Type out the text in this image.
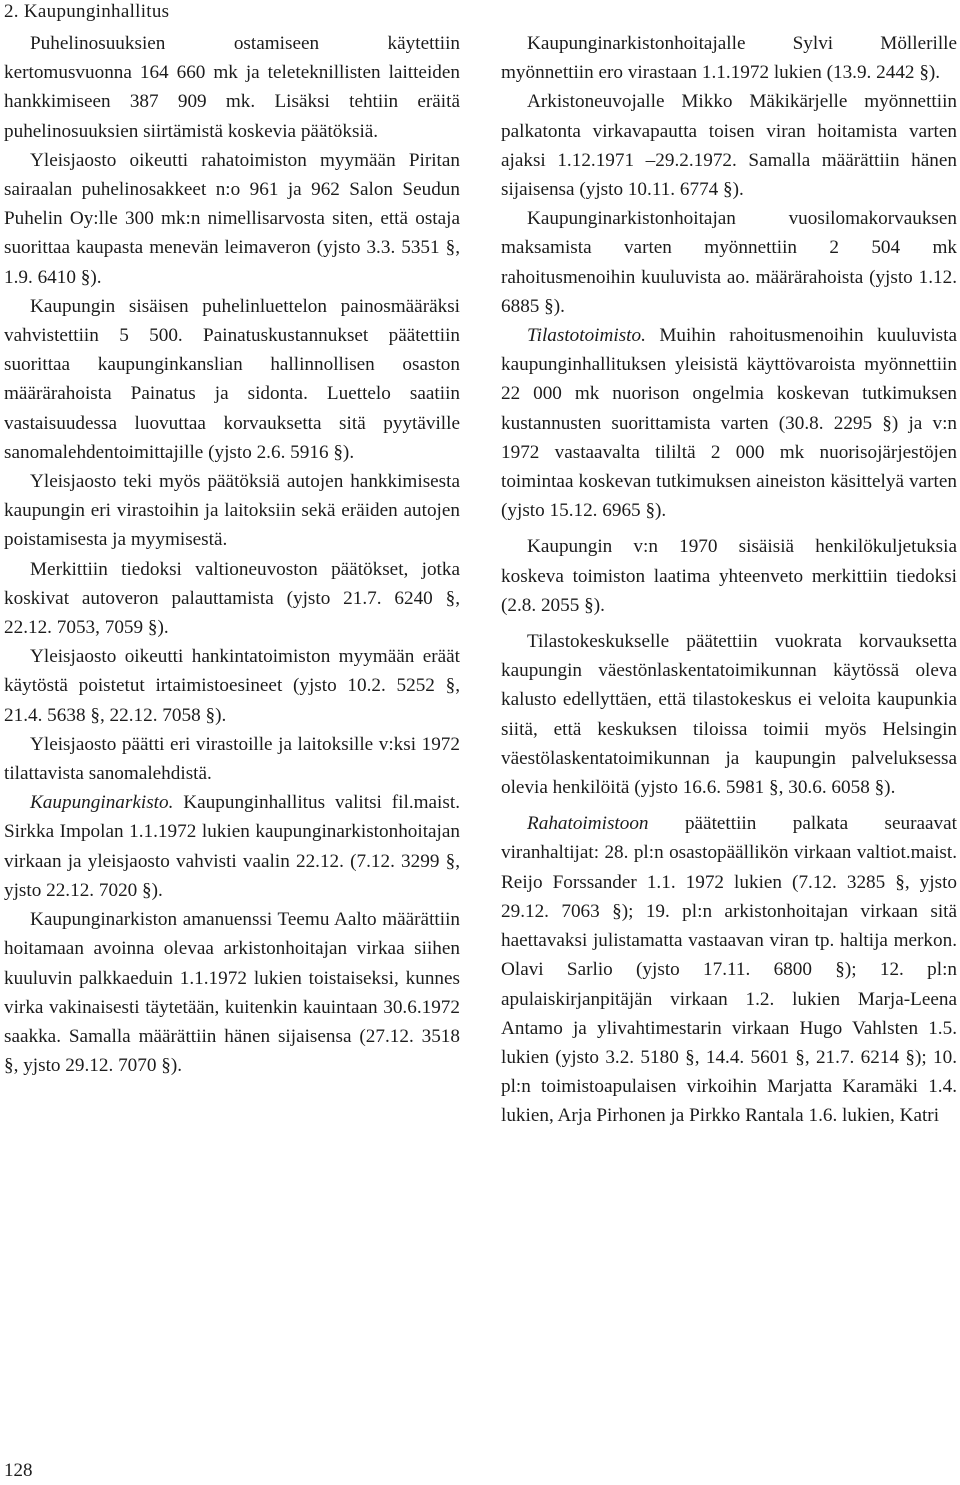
2. Kaupunginhallitus

Puhelinosuuksien ostamiseen käytettiin kertomusvuonna 164 660 mk ja teleteknillisten laitteiden hankkimiseen 387 909 mk. Lisäksi tehtiin eräitä puhelinosuuksien siirtämistä koskevia päätöksiä.

Yleisjaosto oikeutti rahatoimiston myymään Piritan sairaalan puhelinosakkeet n:o 961 ja 962 Salon Seudun Puhelin Oy:lle 300 mk:n nimellisarvosta siten, että ostaja suorittaa kaupasta menevän leimaveron (yjsto 3.3. 5351 §, 1.9. 6410 §).

Kaupungin sisäisen puhelinluettelon painosmääräksi vahvistettiin 5 500. Painatuskustannukset päätettiin suorittaa kaupunginkanslian hallinnollisen osaston määrärahoista Painatus ja sidonta. Luettelo saatiin vastaisuudessa luovuttaa korvauksetta sitä pyytäville sanomalehdentoimittajille (yjsto 2.6. 5916 §).

Yleisjaosto teki myös päätöksiä autojen hankkimisesta kaupungin eri virastoihin ja laitoksiin sekä eräiden autojen poistamisesta ja myymisestä.

Merkittiin tiedoksi valtioneuvoston päätökset, jotka koskivat autoveron palauttamista (yjsto 21.7. 6240 §, 22.12. 7053, 7059 §).

Yleisjaosto oikeutti hankintatoimiston myymään eräät käytöstä poistetut irtaimistoesineet (yjsto 10.2. 5252 §, 21.4. 5638 §, 22.12. 7058 §).

Yleisjaosto päätti eri virastoille ja laitoksille v:ksi 1972 tilattavista sanomalehdistä.

Kaupunginarkisto. Kaupunginhallitus valitsi fil.maist. Sirkka Impolan 1.1.1972 lukien kaupunginarkistonhoitajan virkaan ja yleisjaosto vahvisti vaalin 22.12. (7.12. 3299 §, yjsto 22.12. 7020 §).

Kaupunginarkiston amanuenssi Teemu Aalto määrättiin hoitamaan avoinna olevaa arkistonhoitajan virkaa siihen kuuluvin palkkaeduin 1.1.1972 lukien toistaiseksi, kunnes virka vakinaisesti täytetään, kuitenkin kauintaan 30.6.1972 saakka. Samalla määrättiin hänen sijaisensa (27.12. 3518 §, yjsto 29.12. 7070 §).

Kaupunginarkistonhoitajalle Sylvi Möllerille myönnettiin ero virastaan 1.1.1972 lukien (13.9. 2442 §).

Arkistoneuvojalle Mikko Mäkikärjelle myönnettiin palkatonta virkavapautta toisen viran hoitamista varten ajaksi 1.12.1971 –29.2.1972. Samalla määrättiin hänen sijaisensa (yjsto 10.11. 6774 §).

Kaupunginarkistonhoitajan vuosilomakorvauksen maksamista varten myönnettiin 2 504 mk rahoitusmenoihin kuuluvista ao. määrärahoista (yjsto 1.12. 6885 §).

Tilastotoimisto. Muihin rahoitusmenoihin kuuluvista kaupunginhallituksen yleisistä käyttövaroista myönnettiin 22 000 mk nuorison ongelmia koskevan tutkimuksen kustannusten suorittamista varten (30.8. 2295 §) ja v:n 1972 vastaavalta tililtä 2 000 mk nuorisojärjestöjen toimintaa koskevan tutkimuksen aineiston käsittelyä varten (yjsto 15.12. 6965 §).

Kaupungin v:n 1970 sisäisiä henkilökuljetuksia koskeva toimiston laatima yhteenveto merkittiin tiedoksi (2.8. 2055 §).

Tilastokeskukselle päätettiin vuokrata korvauksetta kaupungin väestönlaskentatoimikunnan käytössä oleva kalusto edellyttäen, että tilastokeskus ei veloita kaupunkia siitä, että keskuksen tiloissa toimii myös Helsingin väestölaskentatoimikunnan ja kaupungin palveluksessa olevia henkilöitä (yjsto 16.6. 5981 §, 30.6. 6058 §).

Rahatoimistoon päätettiin palkata seuraavat viranhaltijat: 28. pl:n osastopäällikön virkaan valtiot.maist. Reijo Forssander 1.1. 1972 lukien (7.12. 3285 §, yjsto 29.12. 7063 §); 19. pl:n arkistonhoitajan virkaan sitä haettavaksi julistamatta vastaavan viran tp. haltija merkon. Olavi Sarlio (yjsto 17.11. 6800 §); 12. pl:n apulaiskirjanpitäjän virkaan 1.2. lukien Marja-Leena Antamo ja ylivahtimestarin virkaan Hugo Vahlsten 1.5. lukien (yjsto 3.2. 5180 §, 14.4. 5601 §, 21.7. 6214 §); 10. pl:n toimistoapulaisen virkoihin Marjatta Karamäki 1.4. lukien, Arja Pirhonen ja Pirkko Rantala 1.6. lukien, Katri

128
